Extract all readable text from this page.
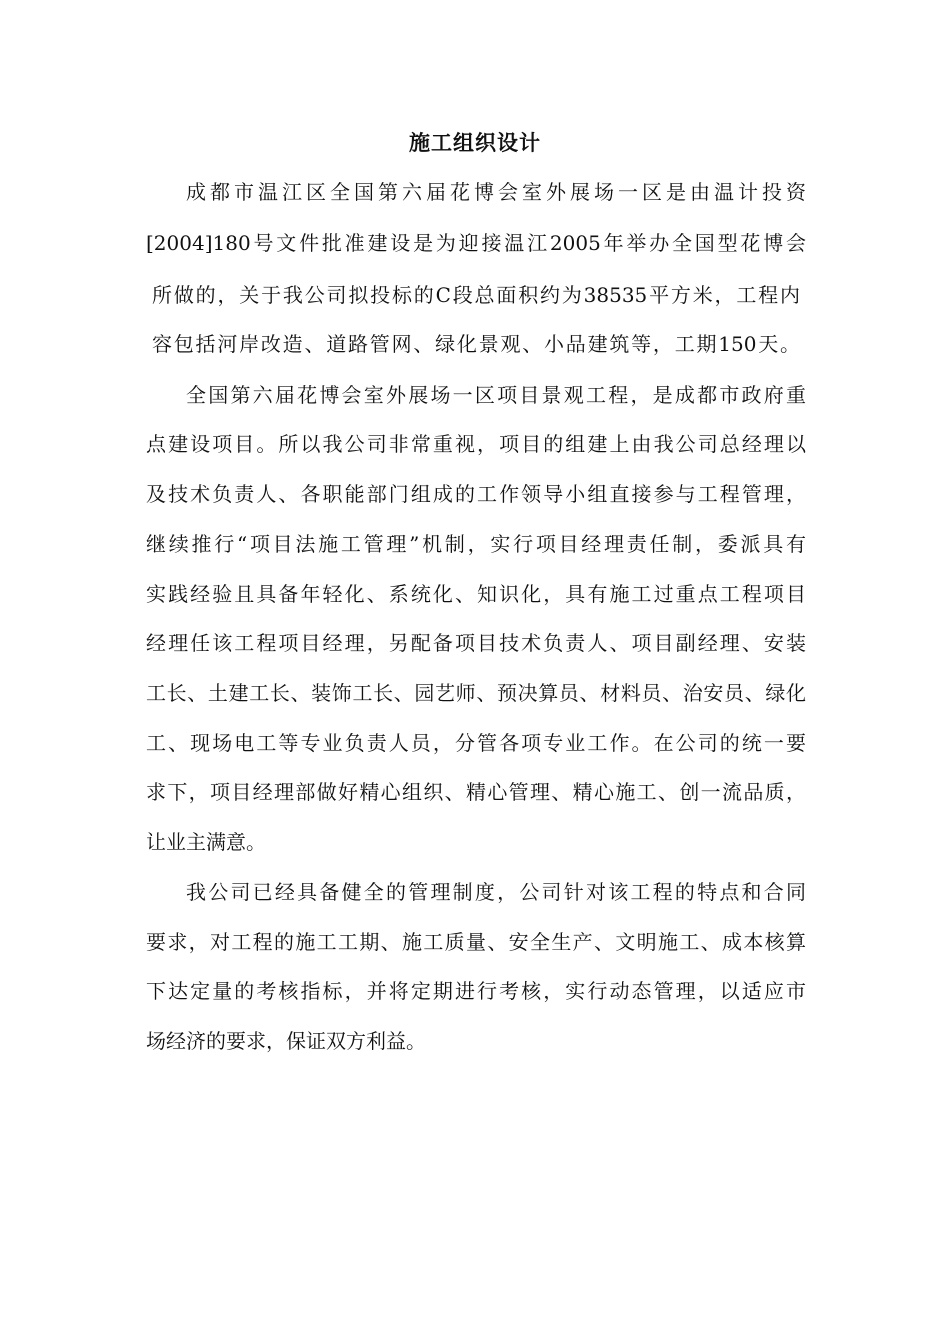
施工组织设计
成都市温江区全国第六届花博会室外展场一区是由温计投资
[2004]180号文件批准建设是为迎接温江2005年举办全国型花博会
所做的，关于我公司拟投标的C段总面积约为38535平方米，工程内
容包括河岸改造、道路管网、绿化景观、小品建筑等，工期150天。
全国第六届花博会室外展场一区项目景观工程，是成都市政府重
点建设项目。所以我公司非常重视，项目的组建上由我公司总经理以
及技术负责人、各职能部门组成的工作领导小组直接参与工程管理，
继续推行“项目法施工管理”机制，实行项目经理责任制，委派具有
实践经验且具备年轻化、系统化、知识化，具有施工过重点工程项目
经理任该工程项目经理，另配备项目技术负责人、项目副经理、安装
工长、土建工长、装饰工长、园艺师、预决算员、材料员、治安员、绿化
工、现场电工等专业负责人员，分管各项专业工作。在公司的统一要
求下，项目经理部做好精心组织、精心管理、精心施工、创一流品质，
让业主满意。
我公司已经具备健全的管理制度，公司针对该工程的特点和合同
要求，对工程的施工工期、施工质量、安全生产、文明施工、成本核算
下达定量的考核指标，并将定期进行考核，实行动态管理，以适应市
场经济的要求，保证双方利益。
